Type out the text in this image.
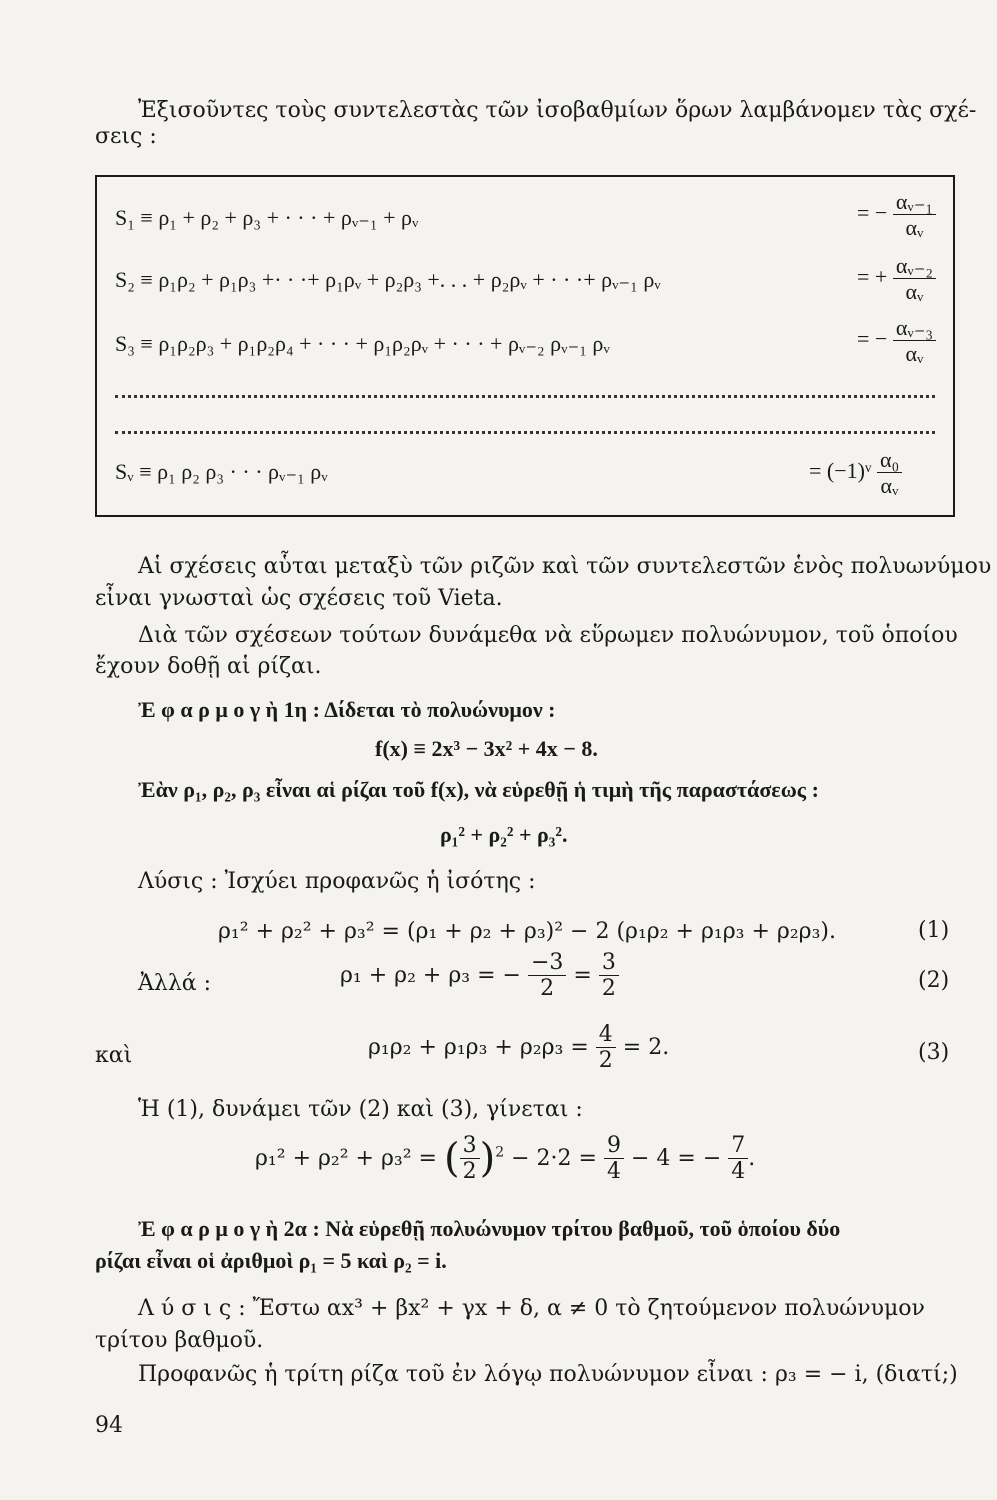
Ἐξισοῦντες τοὺς συντελεστὰς τῶν ἰσοβαθμίων ὅρων λαμβάνομεν τὰς σχέ-
σεις :
S₁ ≡ ρ₁ + ρ₂ + ρ₃ + · · · + ρᵥ₋₁ + ρᵥ	= − $\frac{\text{αᵥ₋₁}}{\text{αᵥ}}$
S₂ ≡ ρ₁ρ₂ + ρ₁ρ₃ +· · ·+ ρ₁ρᵥ + ρ₂ρ₃ +. . . + ρ₂ρᵥ + · · ·+ ρᵥ₋₁ ρᵥ	= + $\frac{\text{αᵥ₋₂}}{\text{αᵥ}}$
S₃ ≡ ρ₁ρ₂ρ₃ + ρ₁ρ₂ρ₄ + · · · + ρ₁ρ₂ρᵥ + · · · + ρᵥ₋₂ ρᵥ₋₁ ρᵥ	= − $\frac{\text{αᵥ₋₃}}{\text{αᵥ}}$
Sᵥ ≡ ρ₁ ρ₂ ρ₃ · · · ρᵥ₋₁ ρᵥ	= (−1)ᵛ $\frac{\text{α₀}}{\text{αᵥ}}$
Αἱ σχέσεις αὗται μεταξὺ τῶν ριζῶν καὶ τῶν συντελεστῶν ἑνὸς πολυωνύμου
εἶναι γνωσταὶ ὡς σχέσεις τοῦ Vieta.
Διὰ τῶν σχέσεων τούτων δυνάμεθα νὰ εὕρωμεν πολυώνυμον, τοῦ ὁποίου
ἔχουν δοθῇ αἱ ρίζαι.
Ἐ φ α ρ μ ο γ ὴ 1η : Δίδεται τὸ πολυώνυμον :
f(x) ≡ 2x³ − 3x² + 4x − 8.
Ἐὰν ρ₁, ρ₂, ρ₃ εἶναι αἱ ρίζαι τοῦ f(x), νὰ εὑρεθῇ ἡ τιμὴ τῆς παραστάσεως :
ρ₁² + ρ₂² + ρ₃².
Λύσις : Ἰσχύει προφανῶς ἡ ἰσότης :
ρ₁² + ρ₂² + ρ₃² = (ρ₁ + ρ₂ + ρ₃)² − 2 (ρ₁ρ₂ + ρ₁ρ₃ + ρ₂ρ₃).	(1)
Ἀλλά :	ρ₁ + ρ₂ + ρ₃ = − $\frac{-3}{2} = \frac{3}{2}$	(2)
καὶ	$\rho_1\rho_2 + \rho_1\rho_3 + \rho_2\rho_3 = \frac{4}{2} = 2$.	(3)
Ἡ (1), δυνάμει τῶν (2) καὶ (3), γίνεται :
ρ₁² + ρ₂² + ρ₃² = ( $\frac{3}{2} )^2 - 2\cdot 2 = \frac{9}{4} - 4$ = − $\frac{7}{4}$ .
Ἐ φ α ρ μ ο γ ὴ 2α : Νὰ εὑρεθῇ πολυώνυμον τρίτου βαθμοῦ, τοῦ ὁποίου δύο
ρίζαι εἶναι οἱ ἀριθμοὶ ρ₁ = 5 καὶ ρ₂ = i.
Λ ύ σ ι ς : Ἔστω αx³ + βx² + γx + δ, α ≠ 0 τὸ ζητούμενον πολυώνυμον
τρίτου βαθμοῦ.
Προφανῶς ἡ τρίτη ρίζα τοῦ ἐν λόγῳ πολυώνυμον εἶναι : ρ₃ = − i, (διατί;)
94
